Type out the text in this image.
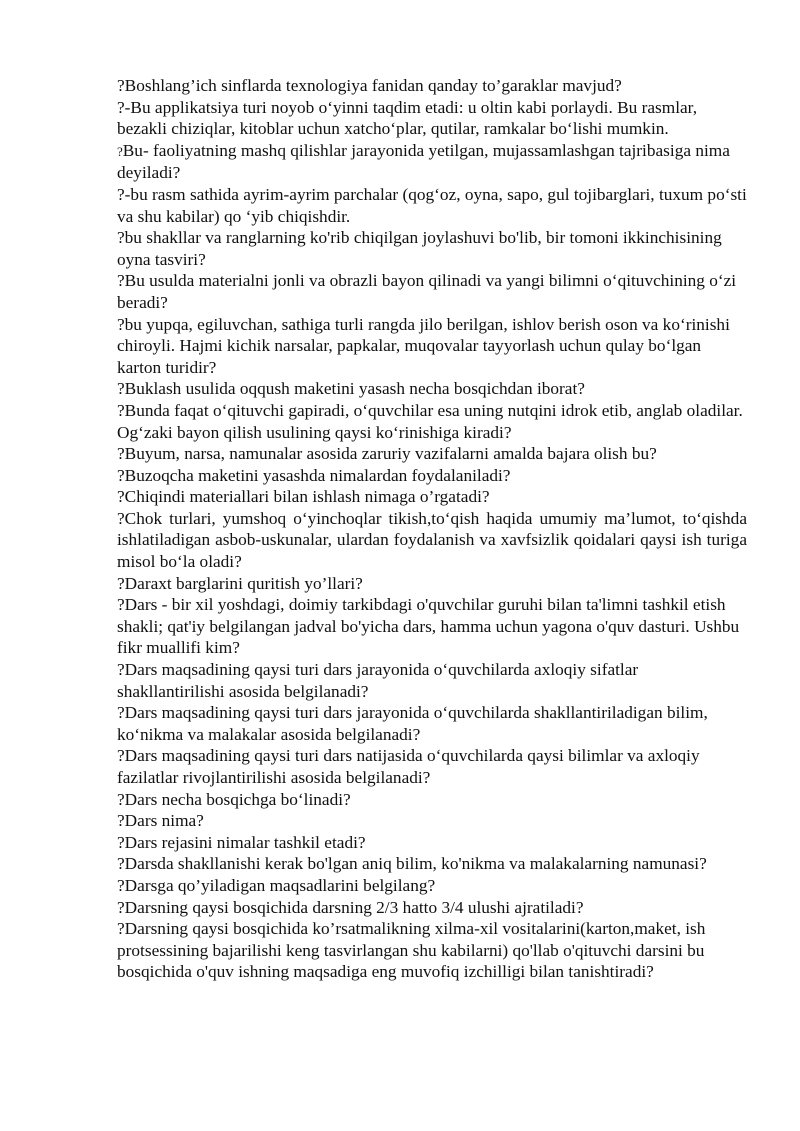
?Boshlang’ich sinflarda texnologiya fanidan qanday to’garaklar mavjud?

?-Bu applikatsiya turi noyob o‘yinni taqdim etadi: u oltin kabi porlaydi. Bu rasmlar, bezakli chiziqlar, kitoblar uchun xatcho‘plar, qutilar, ramkalar bo‘lishi mumkin.

?Bu- faoliyatning mashq qilishlar jarayonida yetilgan, mujassamlashgan tajribasiga nima deyiladi?

?-bu rasm sathida ayrim-ayrim parchalar (qog‘oz, oyna, sapo, gul tojibarglari, tuxum po‘sti va shu kabilar) qo ‘yib chiqishdir.

?bu shakllar va ranglarning ko'rib chiqilgan joylashuvi bo'lib, bir tomoni ikkinchisining oyna tasviri?

?Bu usulda materialni jonli va obrazli bayon qilinadi va yangi bilimni o‘qituvchining o‘zi beradi?

?bu yupqa, egiluvchan, sathiga turli rangda jilo berilgan, ishlov berish oson va ko‘rinishi chiroyli. Hajmi kichik narsalar, papkalar, muqovalar tayyorlash uchun qulay bo‘lgan karton turidir?

?Buklash usulida oqqush maketini yasash necha bosqichdan iborat?

?Bunda faqat o‘qituvchi gapiradi, o‘quvchilar esa uning nutqini idrok etib, anglab oladilar. Og‘zaki bayon qilish usulining qaysi ko‘rinishiga kiradi?

?Buyum, narsa, namunalar asosida zaruriy vazifalarni amalda bajara olish bu?

?Buzoqcha maketini yasashda nimalardan foydalaniladi?

?Chiqindi materiallari bilan ishlash nimaga o’rgatadi?

?Chok turlari, yumshoq o‘yinchoqlar tikish,to‘qish haqida umumiy ma’lumot, to‘qishda ishlatiladigan asbob-uskunalar, ulardan foydalanish va xavfsizlik qoidalari qaysi ish turiga misol bo‘la oladi?

?Daraxt barglarini quritish yo’llari?

?Dars - bir xil yoshdagi, doimiy tarkibdagi o'quvchilar guruhi bilan ta'limni tashkil etish shakli; qat'iy belgilangan jadval bo'yicha dars, hamma uchun yagona o'quv dasturi. Ushbu fikr muallifi kim?

?Dars maqsadining qaysi turi dars jarayonida o‘quvchilarda axloqiy sifatlar shakllantirilishi asosida belgilanadi?

?Dars maqsadining qaysi turi dars jarayonida o‘quvchilarda shakllantiriladigan bilim, ko‘nikma va malakalar asosida belgilanadi?

?Dars maqsadining qaysi turi dars natijasida o‘quvchilarda qaysi bilimlar va axloqiy fazilatlar rivojlantirilishi asosida belgilanadi?

?Dars necha bosqichga bo‘linadi?

?Dars nima?

?Dars rejasini nimalar tashkil etadi?

?Darsda shakllanishi kerak bo'lgan aniq bilim, ko'nikma va malakalarning namunasi?

?Darsga qo’yiladigan maqsadlarini belgilang?

?Darsning qaysi bosqichida darsning 2/3 hatto 3/4 ulushi ajratiladi?

?Darsning qaysi bosqichida ko’rsatmalikning xilma-xil vositalarini(karton,maket, ish protsessining bajarilishi keng tasvirlangan shu kabilarni) qo'llab o'qituvchi darsini bu bosqichida o'quv ishning maqsadiga eng muvofiq izchilligi bilan tanishtiradi?
